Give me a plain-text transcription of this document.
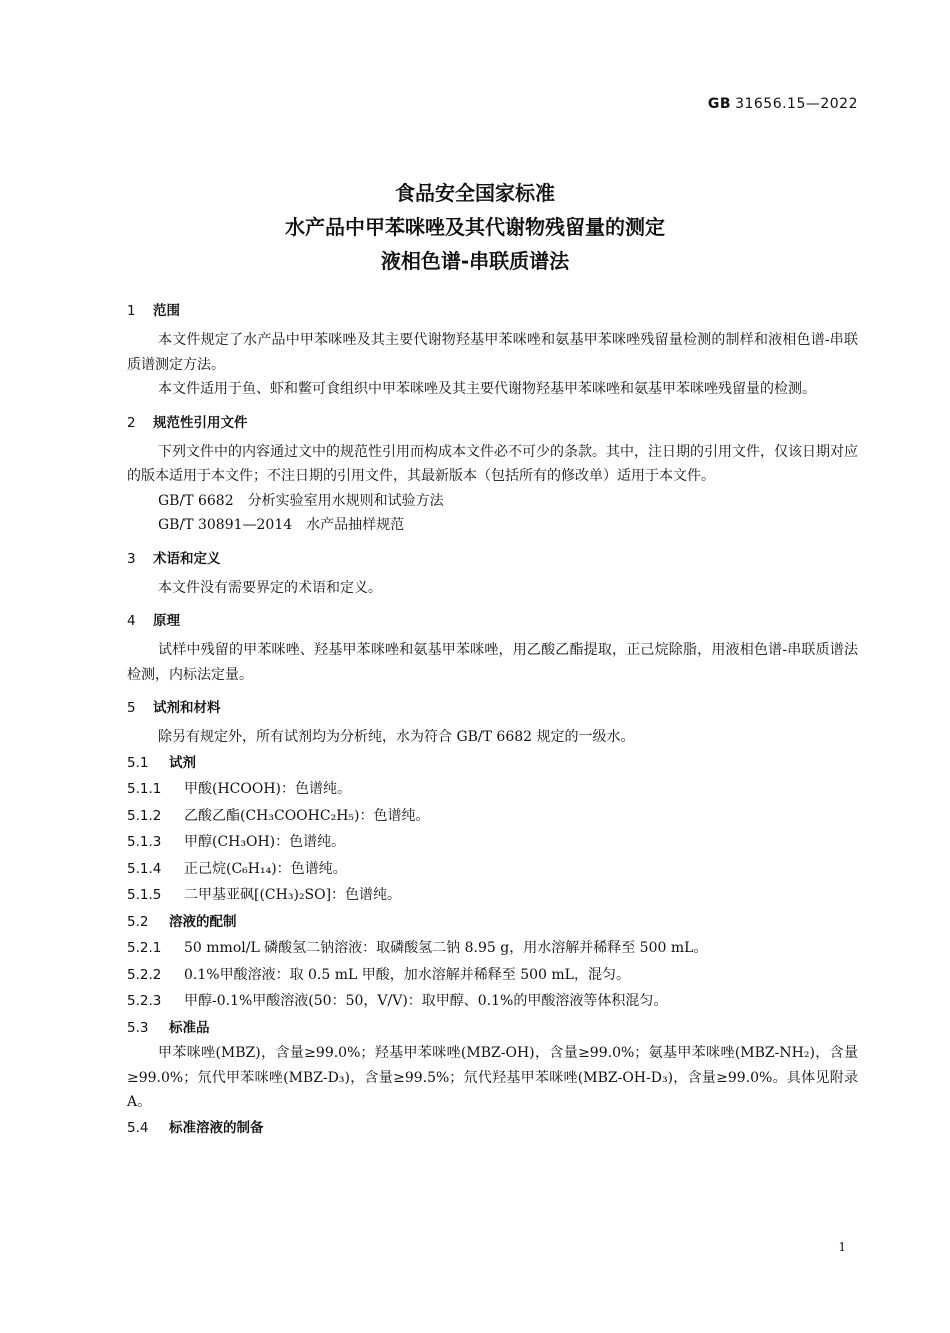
GB 31656.15—2022
食品安全国家标准
水产品中甲苯咪唑及其代谢物残留量的测定
液相色谱-串联质谱法
1 范围

本文件规定了水产品中甲苯咪唑及其主要代谢物羟基甲苯咪唑和氨基甲苯咪唑残留量检测的制样和液相色谱-串联质谱测定方法。

本文件适用于鱼、虾和鳖可食组织中甲苯咪唑及其主要代谢物羟基甲苯咪唑和氨基甲苯咪唑残留量的检测。

2 规范性引用文件

下列文件中的内容通过文中的规范性引用而构成本文件必不可少的条款。其中，注日期的引用文件，仅该日期对应的版本适用于本文件；不注日期的引用文件，其最新版本（包括所有的修改单）适用于本文件。

GB/T 6682 分析实验室用水规则和试验方法
GB/T 30891—2014 水产品抽样规范
3 术语和定义

本文件没有需要界定的术语和定义。

4 原理

试样中残留的甲苯咪唑、羟基甲苯咪唑和氨基甲苯咪唑，用乙酸乙酯提取，正己烷除脂，用液相色谱-串联质谱法检测，内标法定量。

5 试剂和材料

除另有规定外，所有试剂均为分析纯，水为符合 GB/T 6682 规定的一级水。

5.1 试剂
5.1.1 甲酸(HCOOH)：色谱纯。
5.1.2 乙酸乙酯(CH₃COOHC₂H₅)：色谱纯。
5.1.3 甲醇(CH₃OH)：色谱纯。
5.1.4 正己烷(C₆H₁₄)：色谱纯。
5.1.5 二甲基亚砜[(CH₃)₂SO]：色谱纯。
5.2 溶液的配制
5.2.1 50 mmol/L 磷酸氢二钠溶液：取磷酸氢二钠 8.95 g，用水溶解并稀释至 500 mL。
5.2.2 0.1%甲酸溶液：取 0.5 mL 甲酸，加水溶解并稀释至 500 mL，混匀。
5.2.3 甲醇-0.1%甲酸溶液(50：50，V/V)：取甲醇、0.1%的甲酸溶液等体积混匀。
5.3 标准品

甲苯咪唑(MBZ)，含量≥99.0%；羟基甲苯咪唑(MBZ-OH)，含量≥99.0%；氨基甲苯咪唑(MBZ-NH₂)，含量≥99.0%；氘代甲苯咪唑(MBZ-D₃)，含量≥99.5%；氘代羟基甲苯咪唑(MBZ-OH-D₃)，含量≥99.0%。具体见附录 A。

5.4 标准溶液的制备
1
